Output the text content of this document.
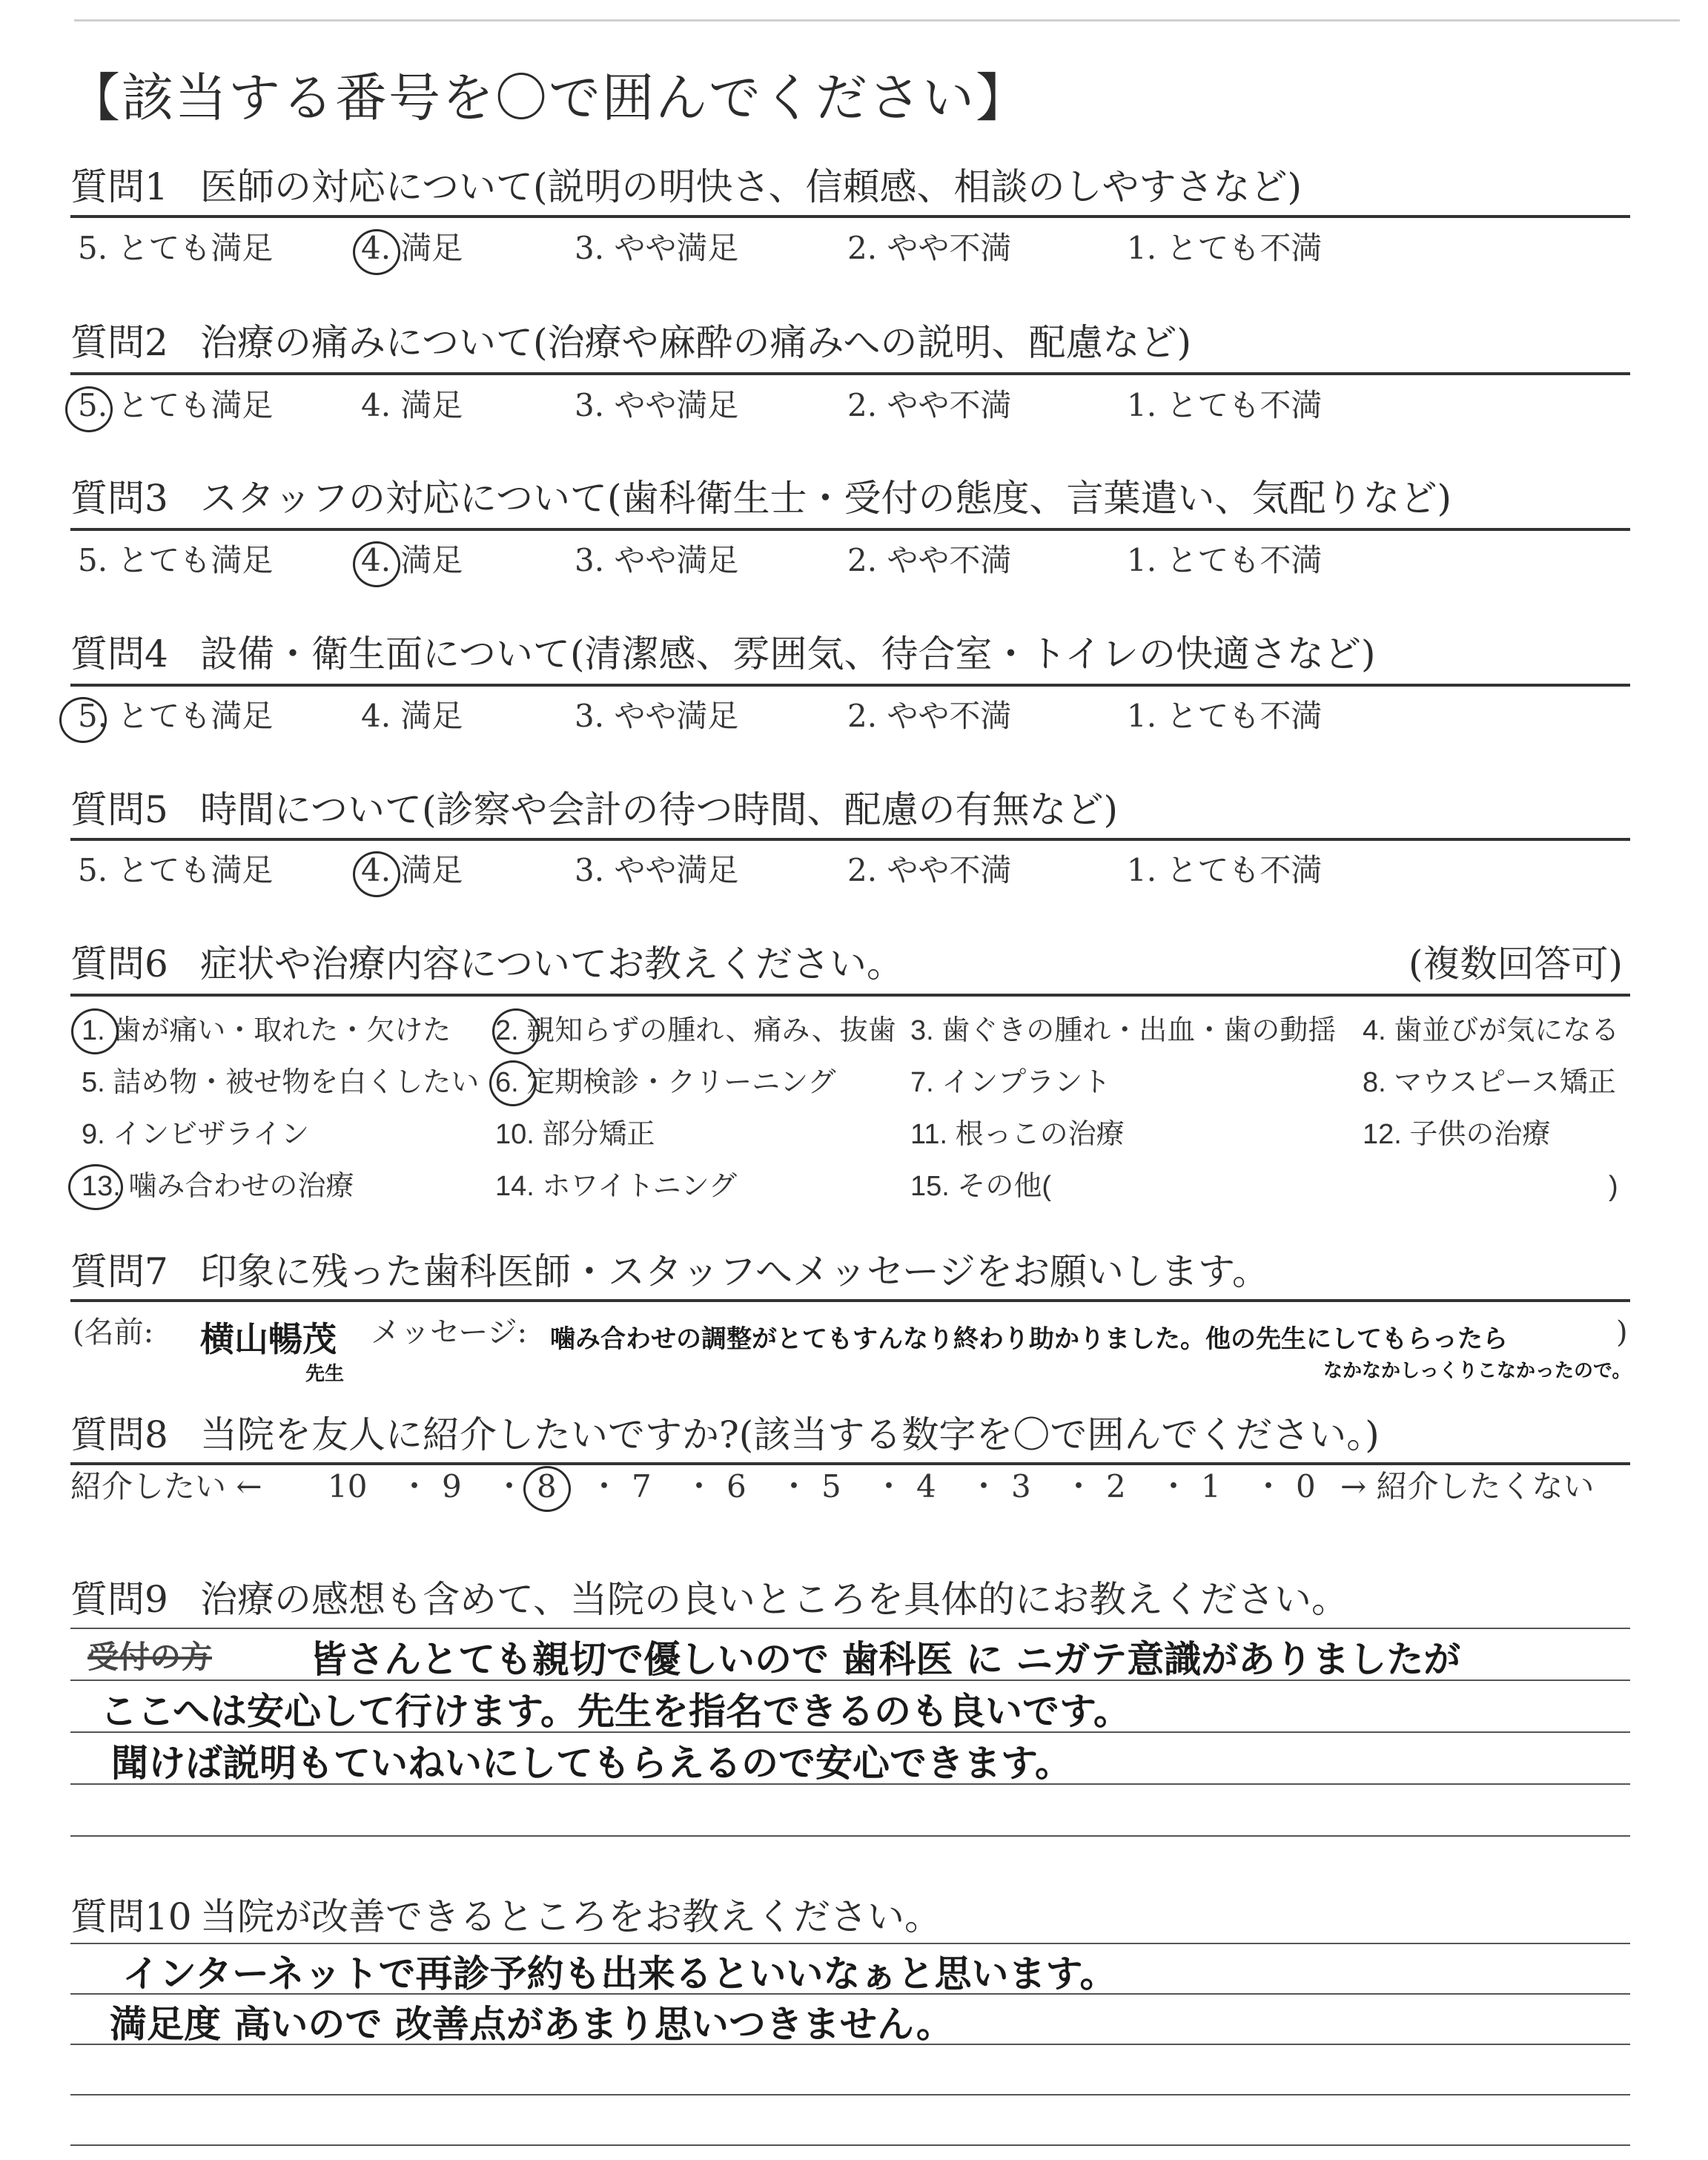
【該当する番号を〇で囲んでください】
質問1 医師の対応について(説明の明快さ、信頼感、相談のしやすさなど)
5. とても満足	4. 満足	3. やや満足	2. やや不満	1. とても不満
質問2 治療の痛みについて(治療や麻酔の痛みへの説明、配慮など)
5. とても満足	4. 満足	3. やや満足	2. やや不満	1. とても不満
質問3 スタッフの対応について(歯科衛生士・受付の態度、言葉遣い、気配りなど)
5. とても満足	4. 満足	3. やや満足	2. やや不満	1. とても不満
質問4 設備・衛生面について(清潔感、雰囲気、待合室・トイレの快適さなど)
5. とても満足	4. 満足	3. やや満足	2. やや不満	1. とても不満
質問5 時間について(診察や会計の待つ時間、配慮の有無など)
5. とても満足	4. 満足	3. やや満足	2. やや不満	1. とても不満
質問6 症状や治療内容についてお教えください。	(複数回答可)
1. 歯が痛い・取れた・欠けた 2. 親知らずの腫れ、痛み、抜歯 3. 歯ぐきの腫れ・出血・歯の動揺 4. 歯並びが気になる
5. 詰め物・被せ物を白くしたい 6. 定期検診・クリーニング	7. インプラント	8. マウスピース矯正
9. インビザライン	10. 部分矯正	11. 根っこの治療	12. 子供の治療
13. 噛み合わせの治療	14. ホワイトニング	15. その他(	)
質問7 印象に残った歯科医師・スタッフへメッセージをお願いします。
(名前: 横山暢茂
先生
メッセージ: 噛み合わせの調整がとてもすんなり終わり助かりました。他の先生にしてもらったら	)
なかなかしっくりこなかったので。
質問8 当院を友人に紹介したいですか?(該当する数字を〇で囲んでください。)
紹介したい ← 10 ・ 9 ・ 8 ・ 7 ・ 6 ・ 5 ・ 4 ・ 3 ・ 2 ・ 1 ・ 0 → 紹介したくない
質問9 治療の感想も含めて、当院の良いところを具体的にお教えください。
受付の方	皆さんとても親切で優しいので 歯科医 に ニガテ意識がありましたが
ここへは安心して行けます。先生を指名できるのも良いです。
聞けば説明もていねいにしてもらえるので安心できます。
質問10 当院が改善できるところをお教えください。
インターネットで再診予約も出来るといいなぁと思います。
満足度 高いので 改善点があまり思いつきません。
